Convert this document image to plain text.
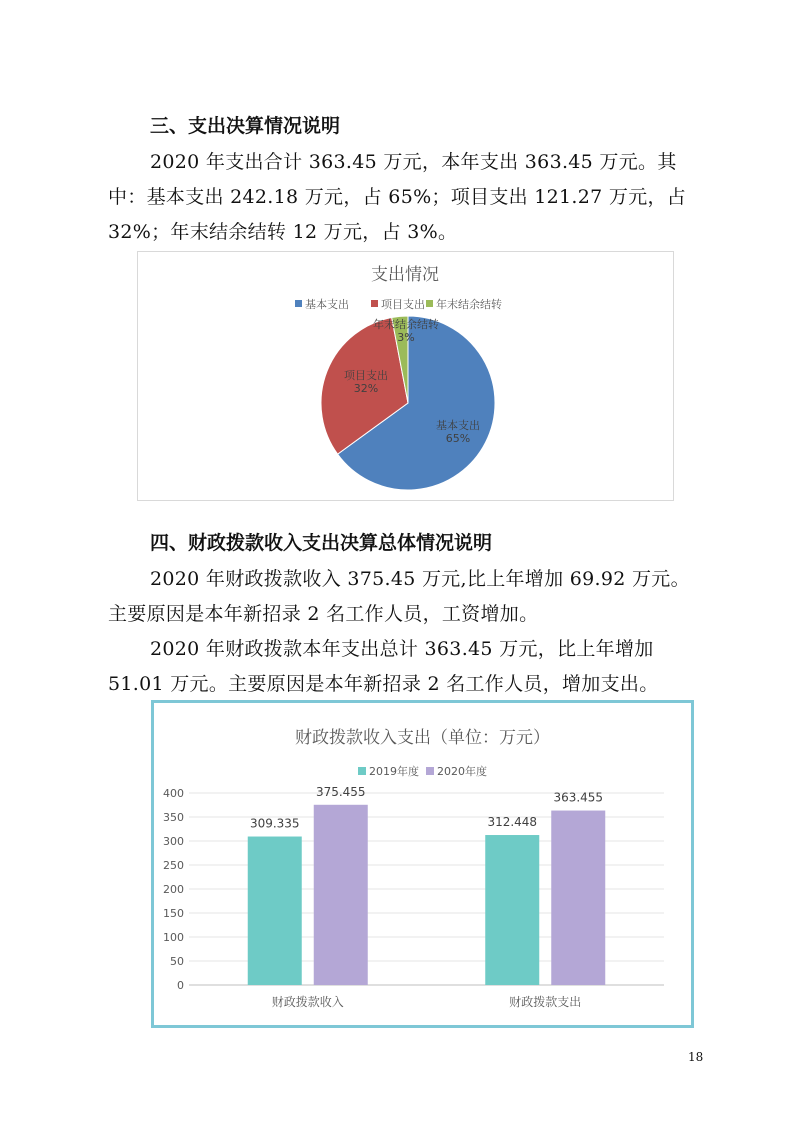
三、支出决算情况说明

2020 年支出合计 363.45 万元，本年支出 363.45 万元。其

中：基本支出 242.18 万元，占 65%；项目支出 121.27 万元，占

32%；年末结余结转 12 万元，占 3%。

支出情况
基本支出	项目支出 年末结余结转
基本支出 65%
项目支出 32%
年末结余结转 3%
四、财政拨款收入支出决算总体情况说明

2020 年财政拨款收入 375.45 万元,比上年增加 69.92 万元。

主要原因是本年新招录 2 名工作人员，工资增加。

2020 年财政拨款本年支出总计 363.45 万元，比上年增加

51.01 万元。主要原因是本年新招录 2 名工作人员，增加支出。

财政拨款收入支出（单位：万元）
2019年度 2020年度
0
50
100
150
200
250
300
350
400
财政拨款收入
309.335
375.455
财政拨款支出
312.448
363.455
18
